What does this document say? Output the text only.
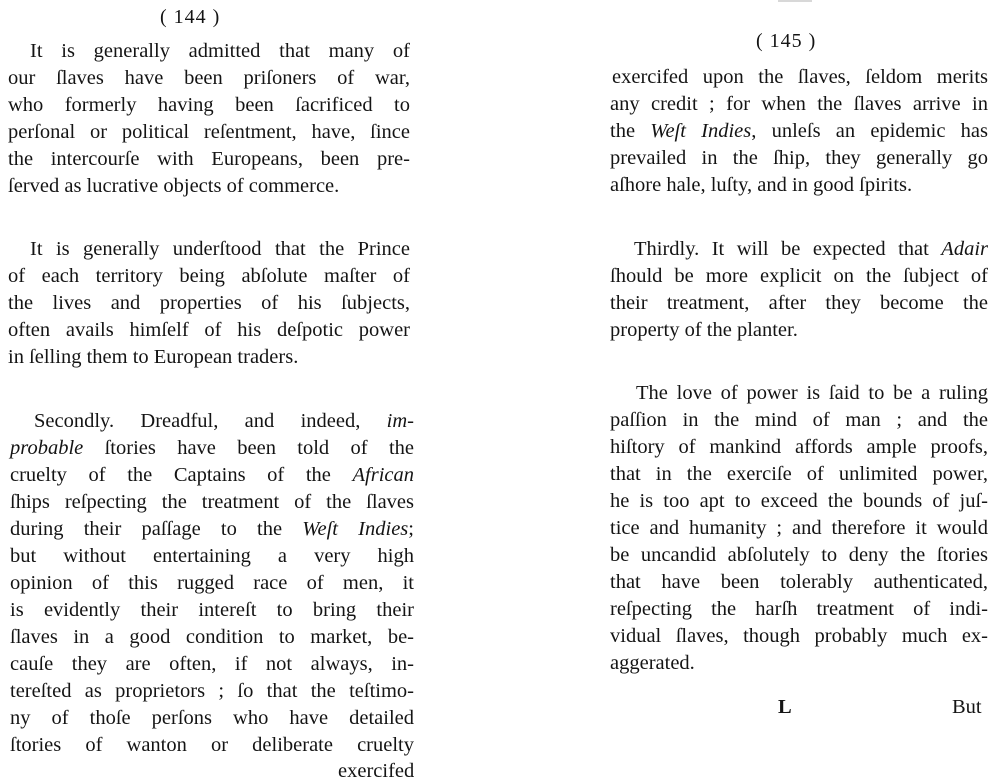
( 144 )
It is generally admitted that many of
our ſlaves have been priſoners of war,
who formerly having been ſacrificed to
perſonal or political reſentment, have, ſince
the intercourſe with Europeans, been pre-
ſerved as lucrative objects of commerce.
It is generally underſtood that the Prince
of each territory being abſolute maſter of
the lives and properties of his ſubjects,
often avails himſelf of his deſpotic power
in ſelling them to European traders.
Secondly. Dreadful, and indeed, im-
probable ſtories have been told of the
cruelty of the Captains of the African
ſhips reſpecting the treatment of the ſlaves
during their paſſage to the Weſt Indies;
but without entertaining a very high
opinion of this rugged race of men, it
is evidently their intereſt to bring their
ſlaves in a good condition to market, be-
cauſe they are often, if not always, in-
tereſted as proprietors ; ſo that the teſtimo-
ny of thoſe perſons who have detailed
ſtories of wanton or deliberate cruelty
exercifed
( 145 )
exercifed upon the ſlaves, ſeldom merits
any credit ; for when the ſlaves arrive in
the Weſt Indies, unleſs an epidemic has
prevailed in the ſhip, they generally go
aſhore hale, luſty, and in good ſpirits.
Thirdly. It will be expected that Adair
ſhould be more explicit on the ſubject of
their treatment, after they become the
property of the planter.
The love of power is ſaid to be a ruling
paſſion in the mind of man ; and the
hiſtory of mankind affords ample proofs,
that in the exerciſe of unlimited power,
he is too apt to exceed the bounds of juſ-
tice and humanity ; and therefore it would
be uncandid abſolutely to deny the ſtories
that have been tolerably authenticated,
reſpecting the harſh treatment of indi-
vidual ſlaves, though probably much ex-
aggerated.
L	But
